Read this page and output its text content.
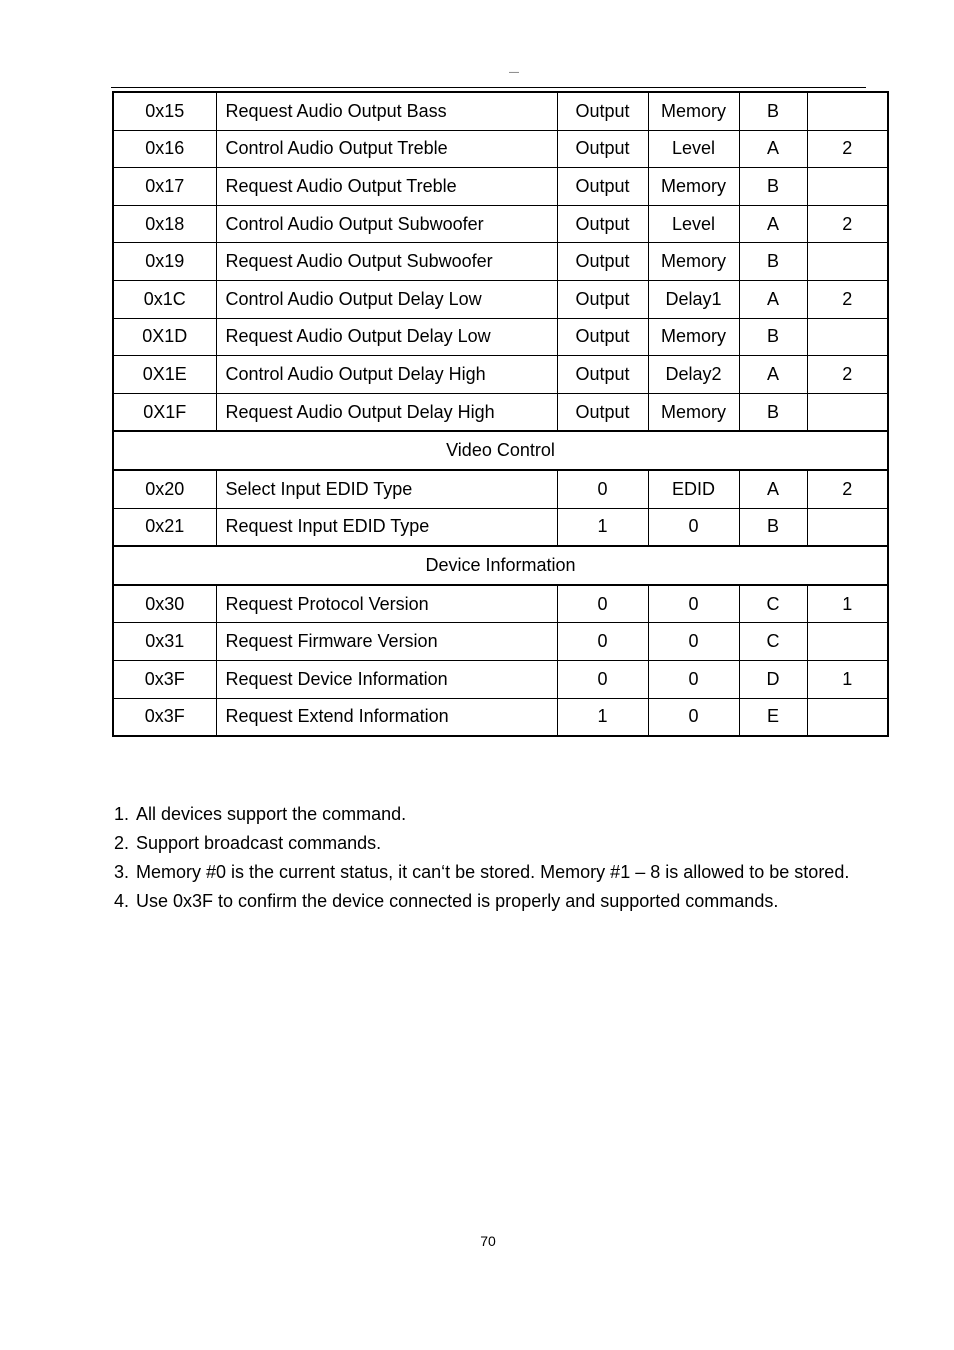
—
0x15	Request Audio Output Bass	Output	Memory	B	
0x16	Control Audio Output Treble	Output	Level	A	2
0x17	Request Audio Output Treble	Output	Memory	B	
0x18	Control Audio Output Subwoofer	Output	Level	A	2
0x19	Request Audio Output Subwoofer	Output	Memory	B	
0x1C	Control Audio Output Delay Low	Output	Delay1	A	2
0X1D	Request Audio Output Delay Low	Output	Memory	B	
0X1E	Control Audio Output Delay High	Output	Delay2	A	2
0X1F	Request Audio Output Delay High	Output	Memory	B	
Video Control					
0x20	Select Input EDID Type	0	EDID	A	2
0x21	Request Input EDID Type	1	0	B	
Device Information					
0x30	Request Protocol Version	0	0	C	1
0x31	Request Firmware Version	0	0	C	
0x3F	Request Device Information	0	0	D	1
0x3F	Request Extend Information	1	0	E	
1. All devices support the command.
2. Support broadcast commands.
3. Memory #0 is the current status, it can‘t be stored. Memory #1 – 8 is allowed to be stored.
4. Use 0x3F to confirm the device connected is properly and supported commands.
70
